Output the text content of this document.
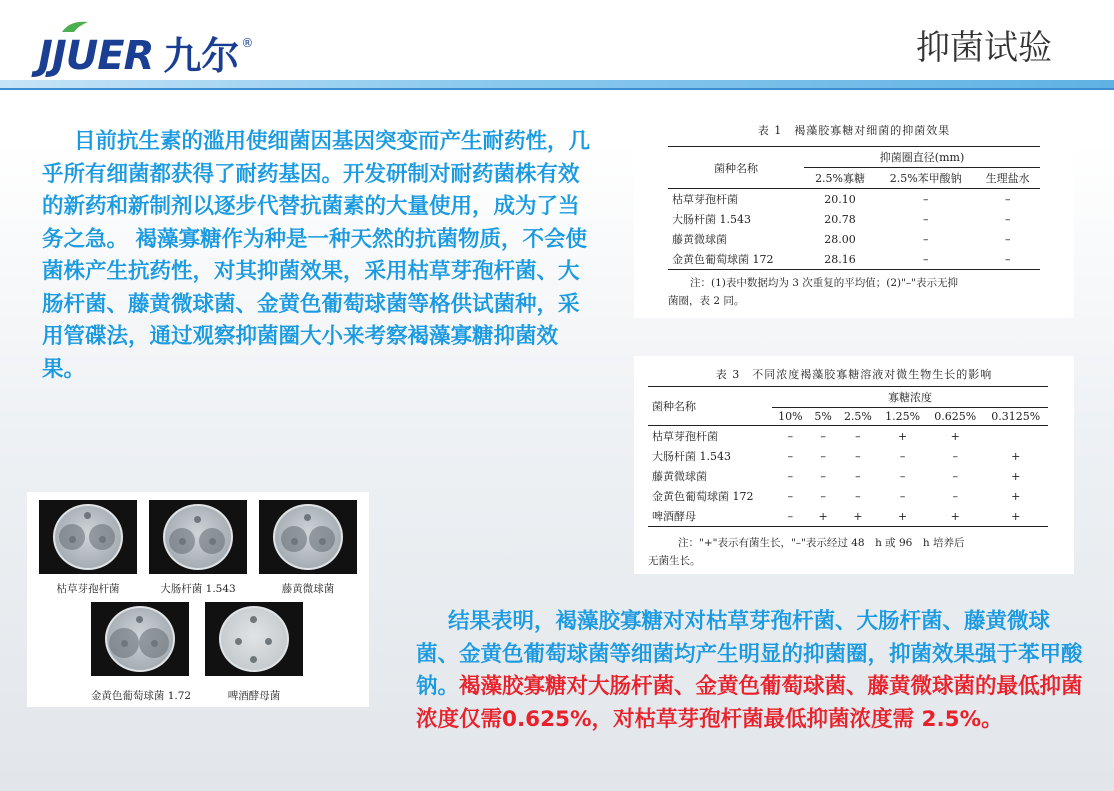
JJUER 九尔 ®	抑菌试验
目前抗生素的滥用使细菌因基因突变而产生耐药性，几乎所有细菌都获得了耐药基因。开发研制对耐药菌株有效的新药和新制剂以逐步代替抗菌素的大量使用，成为了当务之急。 褐藻寡糖作为种是一种天然的抗菌物质，不会使菌株产生抗药性，对其抑菌效果，采用枯草芽孢杆菌、大肠杆菌、藤黄微球菌、金黄色葡萄球菌等格供试菌种，采用管碟法，通过观察抑菌圈大小来考察褐藻寡糖抑菌效果。
表 1　褐藻胶寡糖对细菌的抑菌效果
菌种名称	抑菌圈直径(mm)		
	2.5%寡糖	2.5%苯甲酸钠	生理盐水
枯草芽孢杆菌	20.10	–	–
大肠杆菌 1.543	20.78	–	–
藤黄微球菌	28.00	–	–
金黄色葡萄球菌 172	28.16	–	–
注：(1)表中数据均为 3 次重复的平均值；(2)"–"表示无抑
菌圈，表 2 同。
表 3　不同浓度褐藻胶寡糖溶液对微生物生长的影响
菌种名称	寡糖浓度					
	10%	5%	2.5%	1.25%	0.625%	0.3125%
枯草芽孢杆菌	–	–	–	+	+	
大肠杆菌 1.543	–	–	–	–	–	+
藤黄微球菌	–	–	–	–	–	+
金黄色葡萄球菌 172	–	–	–	–	–	+
啤酒酵母	–	+	+	+	+	+
注："+"表示有菌生长，"–"表示经过 48　h 或 96　h 培养后
无菌生长。
枯草芽孢杆菌	大肠杆菌 1.543	藤黄微球菌
金黄色葡萄球菌 1.72	啤酒酵母菌
结果表明，褐藻胶寡糖对对枯草芽孢杆菌、大肠杆菌、藤黄微球菌、金黄色葡萄球菌等细菌均产生明显的抑菌圈，抑菌效果强于苯甲酸钠。褐藻胶寡糖对大肠杆菌、金黄色葡萄球菌、藤黄微球菌的最低抑菌浓度仅需0.625%，对枯草芽孢杆菌最低抑菌浓度需 2.5%。
